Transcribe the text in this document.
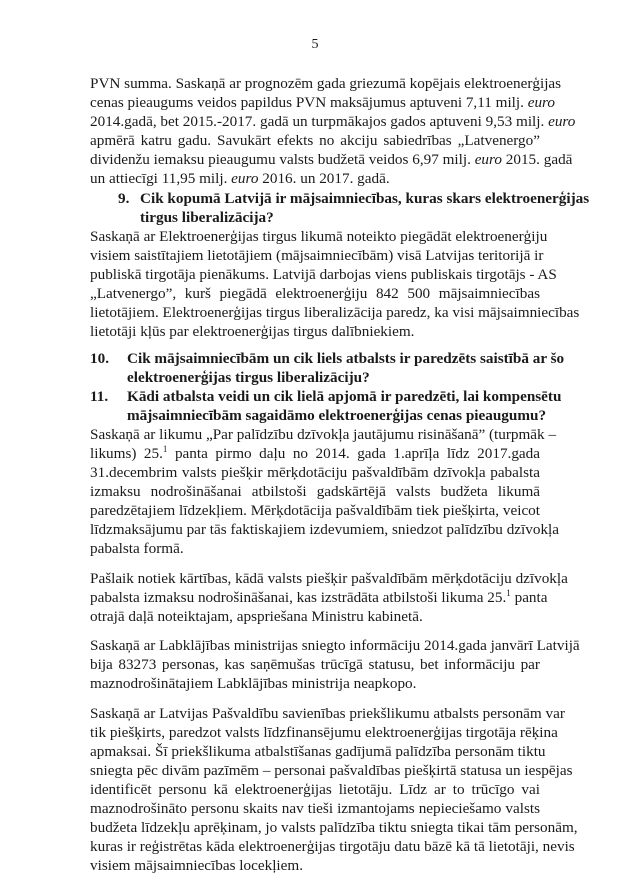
5
PVN summa. Saskaņā ar prognozēm gada griezumā kopējais elektroenerģijas
cenas pieaugums veidos papildus PVN maksājumus aptuveni 7,11 milj. euro
2014.gadā, bet 2015.-2017. gadā un turpmākajos gados aptuveni 9,53 milj. euro
apmērā katru gadu. Savukārt efekts no akciju sabiedrības „Latvenergo”
dividenžu iemaksu pieaugumu valsts budžetā veidos 6,97 milj. euro 2015. gadā
un attiecīgi 11,95 milj. euro 2016. un 2017. gadā.
9. Cik kopumā Latvijā ir mājsaimniecības, kuras skars elektroenerģijas
tirgus liberalizācija?
Saskaņā ar Elektroenerģijas tirgus likumā noteikto piegādāt elektroenerģiju
visiem saistītajiem lietotājiem (mājsaimniecībām) visā Latvijas teritorijā ir
publiskā tirgotāja pienākums. Latvijā darbojas viens publiskais tirgotājs - AS
„Latvenergo”, kurš piegādā elektroenerģiju 842 500 mājsaimniecības
lietotājiem. Elektroenerģijas tirgus liberalizācija paredz, ka visi mājsaimniecības
lietotāji kļūs par elektroenerģijas tirgus dalībniekiem.
10. Cik mājsaimniecībām un cik liels atbalsts ir paredzēts saistībā ar šo
elektroenerģijas tirgus liberalizāciju?
11. Kādi atbalsta veidi un cik lielā apjomā ir paredzēti, lai kompensētu
mājsaimniecībām sagaidāmo elektroenerģijas cenas pieaugumu?
Saskaņā ar likumu „Par palīdzību dzīvokļa jautājumu risināšanā” (turpmāk –
likums) 25.$^1$ panta pirmo daļu no 2014. gada 1.aprīļa līdz 2017.gada
31.decembrim valsts piešķir mērķdotāciju pašvaldībām dzīvokļa pabalsta
izmaksu nodrošināšanai atbilstoši gadskārtējā valsts budžeta likumā
paredzētajiem līdzekļiem. Mērķdotācija pašvaldībām tiek piešķirta, veicot
līdzmaksājumu par tās faktiskajiem izdevumiem, sniedzot palīdzību dzīvokļa
pabalsta formā.
Pašlaik notiek kārtības, kādā valsts piešķir pašvaldībām mērķdotāciju dzīvokļa
pabalsta izmaksu nodrošināšanai, kas izstrādāta atbilstoši likuma 25.$^1$ panta
otrajā daļā noteiktajam, apspriešana Ministru kabinetā.
Saskaņā ar Labklājības ministrijas sniegto informāciju 2014.gada janvārī Latvijā
bija 83273 personas, kas saņēmušas trūcīgā statusu, bet informāciju par
maznodrošinātajiem Labklājības ministrija neapkopo.
Saskaņā ar Latvijas Pašvaldību savienības priekšlikumu atbalsts personām var
tik piešķirts, paredzot valsts līdzfinansējumu elektroenerģijas tirgotāja rēķina
apmaksai. Šī priekšlikuma atbalstīšanas gadījumā palīdzība personām tiktu
sniegta pēc divām pazīmēm – personai pašvaldības piešķirtā statusa un iespējas
identificēt personu kā elektroenerģijas lietotāju. Līdz ar to trūcīgo vai
maznodrošināto personu skaits nav tieši izmantojams nepieciešamo valsts
budžeta līdzekļu aprēķinam, jo valsts palīdzība tiktu sniegta tikai tām personām,
kuras ir reģistrētas kāda elektroenerģijas tirgotāju datu bāzē kā tā lietotāji, nevis
visiem mājsaimniecības locekļiem.
